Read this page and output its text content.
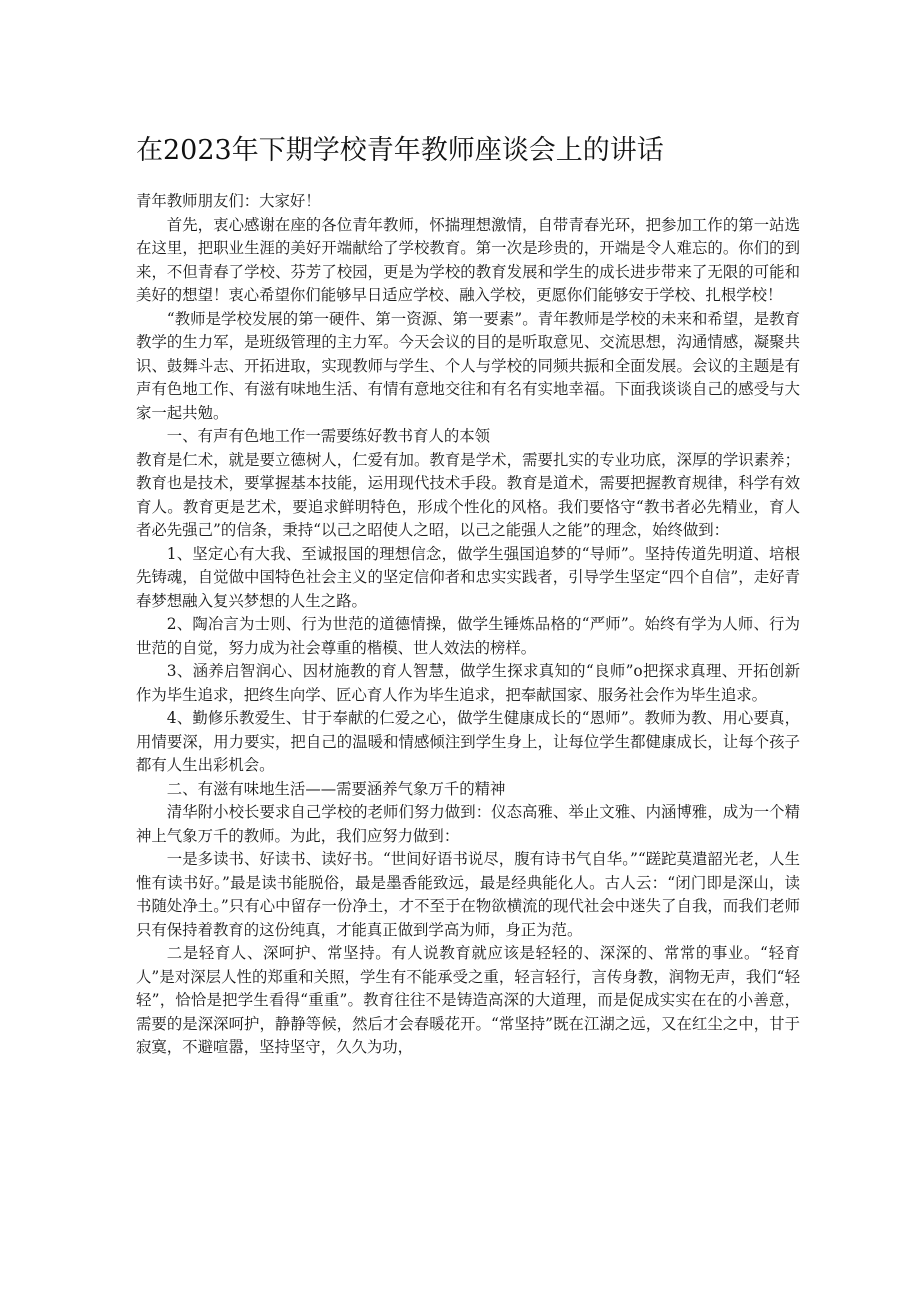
在2023年下期学校青年教师座谈会上的讲话

青年教师朋友们：大家好！

首先，衷心感谢在座的各位青年教师，怀揣理想激情，自带青春光环，把参加工作的第一站选在这里，把职业生涯的美好开端献给了学校教育。第一次是珍贵的，开端是令人难忘的。你们的到来，不但青春了学校、芬芳了校园，更是为学校的教育发展和学生的成长进步带来了无限的可能和美好的想望！衷心希望你们能够早日适应学校、融入学校，更愿你们能够安于学校、扎根学校！

“教师是学校发展的第一硬件、第一资源、第一要素”。青年教师是学校的未来和希望，是教育教学的生力军，是班级管理的主力军。今天会议的目的是听取意见、交流思想，沟通情感，凝聚共识、鼓舞斗志、开拓进取，实现教师与学生、个人与学校的同频共振和全面发展。会议的主题是有声有色地工作、有滋有味地生活、有情有意地交往和有名有实地幸福。下面我谈谈自己的感受与大家一起共勉。

一、有声有色地工作一需要练好教书育人的本领

教育是仁术，就是要立德树人，仁爱有加。教育是学术，需要扎实的专业功底，深厚的学识素养；教育也是技术，要掌握基本技能，运用现代技术手段。教育是道术，需要把握教育规律，科学有效育人。教育更是艺术，要追求鲜明特色，形成个性化的风格。我们要恪守“教书者必先精业，育人者必先强己”的信条，秉持“以己之昭使人之昭，以己之能强人之能”的理念，始终做到：

1、坚定心有大我、至诚报国的理想信念，做学生强国追梦的“导师”。坚持传道先明道、培根先铸魂，自觉做中国特色社会主义的坚定信仰者和忠实实践者，引导学生坚定“四个自信”，走好青春梦想融入复兴梦想的人生之路。

2、陶冶言为士则、行为世范的道德情操，做学生锤炼品格的“严师”。始终有学为人师、行为世范的自觉，努力成为社会尊重的楷模、世人效法的榜样。

3、涵养启智润心、因材施教的育人智慧，做学生探求真知的“良师”o把探求真理、开拓创新作为毕生追求，把终生向学、匠心育人作为毕生追求，把奉献国家、服务社会作为毕生追求。

4、勤修乐教爱生、甘于奉献的仁爱之心，做学生健康成长的“恩师”。教师为教、用心要真，用情要深，用力要实，把自己的温暖和情感倾注到学生身上，让每位学生都健康成长，让每个孩子都有人生出彩机会。

二、有滋有味地生活——需要涵养气象万千的精神

清华附小校长要求自己学校的老师们努力做到：仪态高雅、举止文雅、内涵博雅，成为一个精神上气象万千的教师。为此，我们应努力做到：

一是多读书、好读书、读好书。“世间好语书说尽，腹有诗书气自华。”“蹉跎莫遣韶光老，人生惟有读书好。”最是读书能脱俗，最是墨香能致远，最是经典能化人。古人云：“闭门即是深山，读书随处净土。”只有心中留存一份净土，才不至于在物欲横流的现代社会中迷失了自我，而我们老师只有保持着教育的这份纯真，才能真正做到学高为师，身正为范。

二是轻育人、深呵护、常坚持。有人说教育就应该是轻轻的、深深的、常常的事业。“轻育人”是对深层人性的郑重和关照，学生有不能承受之重，轻言轻行，言传身教，润物无声，我们“轻轻”，恰恰是把学生看得“重重”。教育往往不是铸造高深的大道理，而是促成实实在在的小善意，需要的是深深呵护，静静等候，然后才会春暖花开。“常坚持”既在江湖之远，又在红尘之中，甘于寂寞，不避喧嚣，坚持坚守，久久为功，
